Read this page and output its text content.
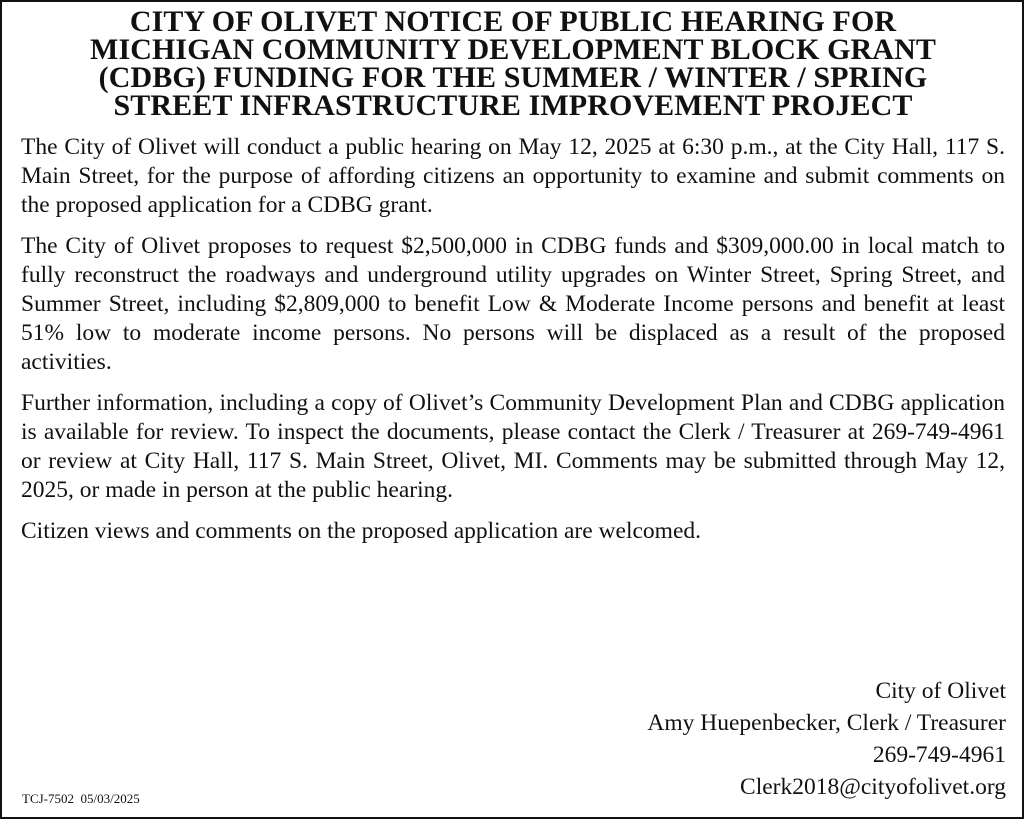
CITY OF OLIVET NOTICE OF PUBLIC HEARING FOR
MICHIGAN COMMUNITY DEVELOPMENT BLOCK GRANT
(CDBG) FUNDING FOR THE SUMMER / WINTER / SPRING
STREET INFRASTRUCTURE IMPROVEMENT PROJECT

The City of Olivet will conduct a public hearing on May 12, 2025 at 6:30 p.m., at the City Hall, 117 S. Main Street, for the purpose of affording citizens an opportunity to examine and submit comments on the proposed application for a CDBG grant.

The City of Olivet proposes to request $2,500,000 in CDBG funds and $309,000.00 in local match to fully reconstruct the roadways and underground utility upgrades on Winter Street, Spring Street, and Summer Street, including $2,809,000 to benefit Low & Moderate Income persons and benefit at least 51% low to moderate income persons. No persons will be displaced as a result of the proposed activities.

Further information, including a copy of Olivet’s Community Development Plan and CDBG application is available for review. To inspect the documents, please contact the Clerk / Treasurer at 269-749-4961 or review at City Hall, 117 S. Main Street, Olivet, MI. Comments may be submitted through May 12, 2025, or made in person at the public hearing.

Citizen views and comments on the proposed application are welcomed.

City of Olivet
Amy Huepenbecker, Clerk / Treasurer
269-749-4961
Clerk2018@cityofolivet.org
TCJ-7502  05/03/2025
